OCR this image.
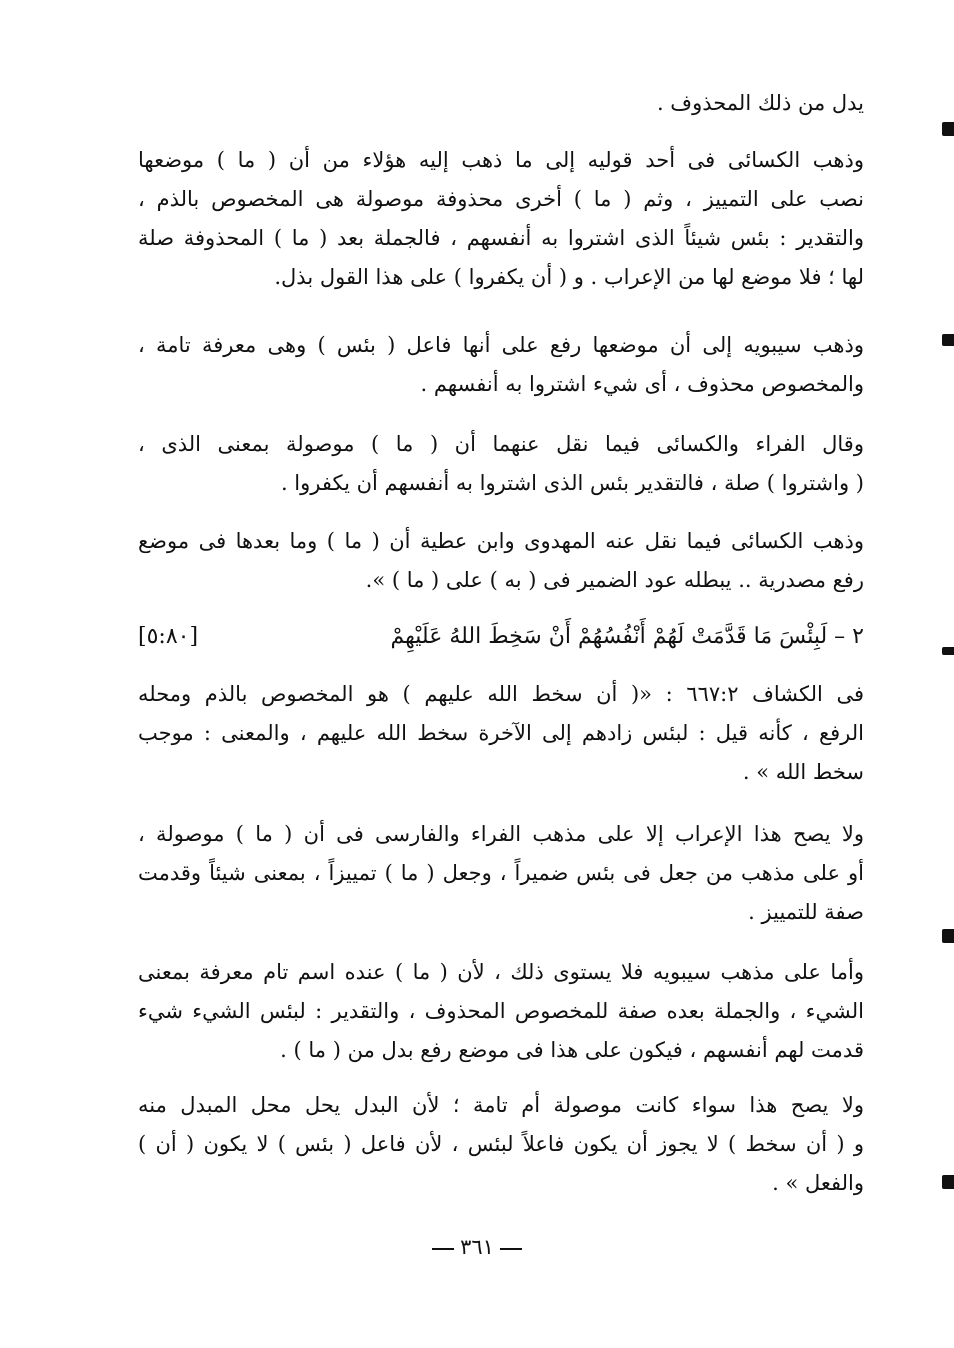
يدل من ذلك المحذوف .
وذهب الكسائى فى أحد قوليه إلى ما ذهب إليه هؤلاء من أن ( ما ) موضعها
نصب على التمييز ، وثم ( ما ) أخرى محذوفة موصولة هى المخصوص بالذم ،
والتقدير : بئس شيئاً الذى اشتروا به أنفسهم ، فالجملة بعد ( ما ) المحذوفة صلة
لها ؛ فلا موضع لها من الإعراب . و ( أن يكفروا ) على هذا القول بذل.
وذهب سيبويه إلى أن موضعها رفع على أنها فاعل ( بئس ) وهى معرفة تامة ،
والمخصوص محذوف ، أى شيء اشتروا به أنفسهم .
وقال الفراء والكسائى فيما نقل عنهما أن ( ما ) موصولة بمعنى الذى ،
( واشتروا ) صلة ، فالتقدير بئس الذى اشتروا به أنفسهم أن يكفروا .
وذهب الكسائى فيما نقل عنه المهدوى وابن عطية أن ( ما ) وما بعدها فى موضع
رفع مصدرية .. يبطله عود الضمير فى ( به ) على ( ما ) ».
٢ – لَبِئْسَ مَا قَدَّمَتْ لَهُمْ أَنْفُسُهُمْ أَنْ سَخِطَ اللهُ عَلَيْهِمْ
[٥:٨٠]
فى الكشاف ٦٦٧:٢ : «( أن سخط الله عليهم ) هو المخصوص بالذم ومحله
الرفع ، كأنه قيل : لبئس زادهم إلى الآخرة سخط الله عليهم ، والمعنى : موجب
سخط الله » .
ولا يصح هذا الإعراب إلا على مذهب الفراء والفارسى فى أن ( ما ) موصولة ،
أو على مذهب من جعل فى بئس ضميراً ، وجعل ( ما ) تمييزاً ، بمعنى شيئاً وقدمت
صفة للتمييز .
وأما على مذهب سيبويه فلا يستوى ذلك ، لأن ( ما ) عنده اسم تام معرفة بمعنى
الشيء ، والجملة بعده صفة للمخصوص المحذوف ، والتقدير : لبئس الشيء شيء
قدمت لهم أنفسهم ، فيكون على هذا فى موضع رفع بدل من ( ما ) .
ولا يصح هذا سواء كانت موصولة أم تامة ؛ لأن البدل يحل محل المبدل منه
و ( أن سخط ) لا يجوز أن يكون فاعلاً لبئس ، لأن فاعل ( بئس ) لا يكون ( أن )
والفعل » .
٣٦١
